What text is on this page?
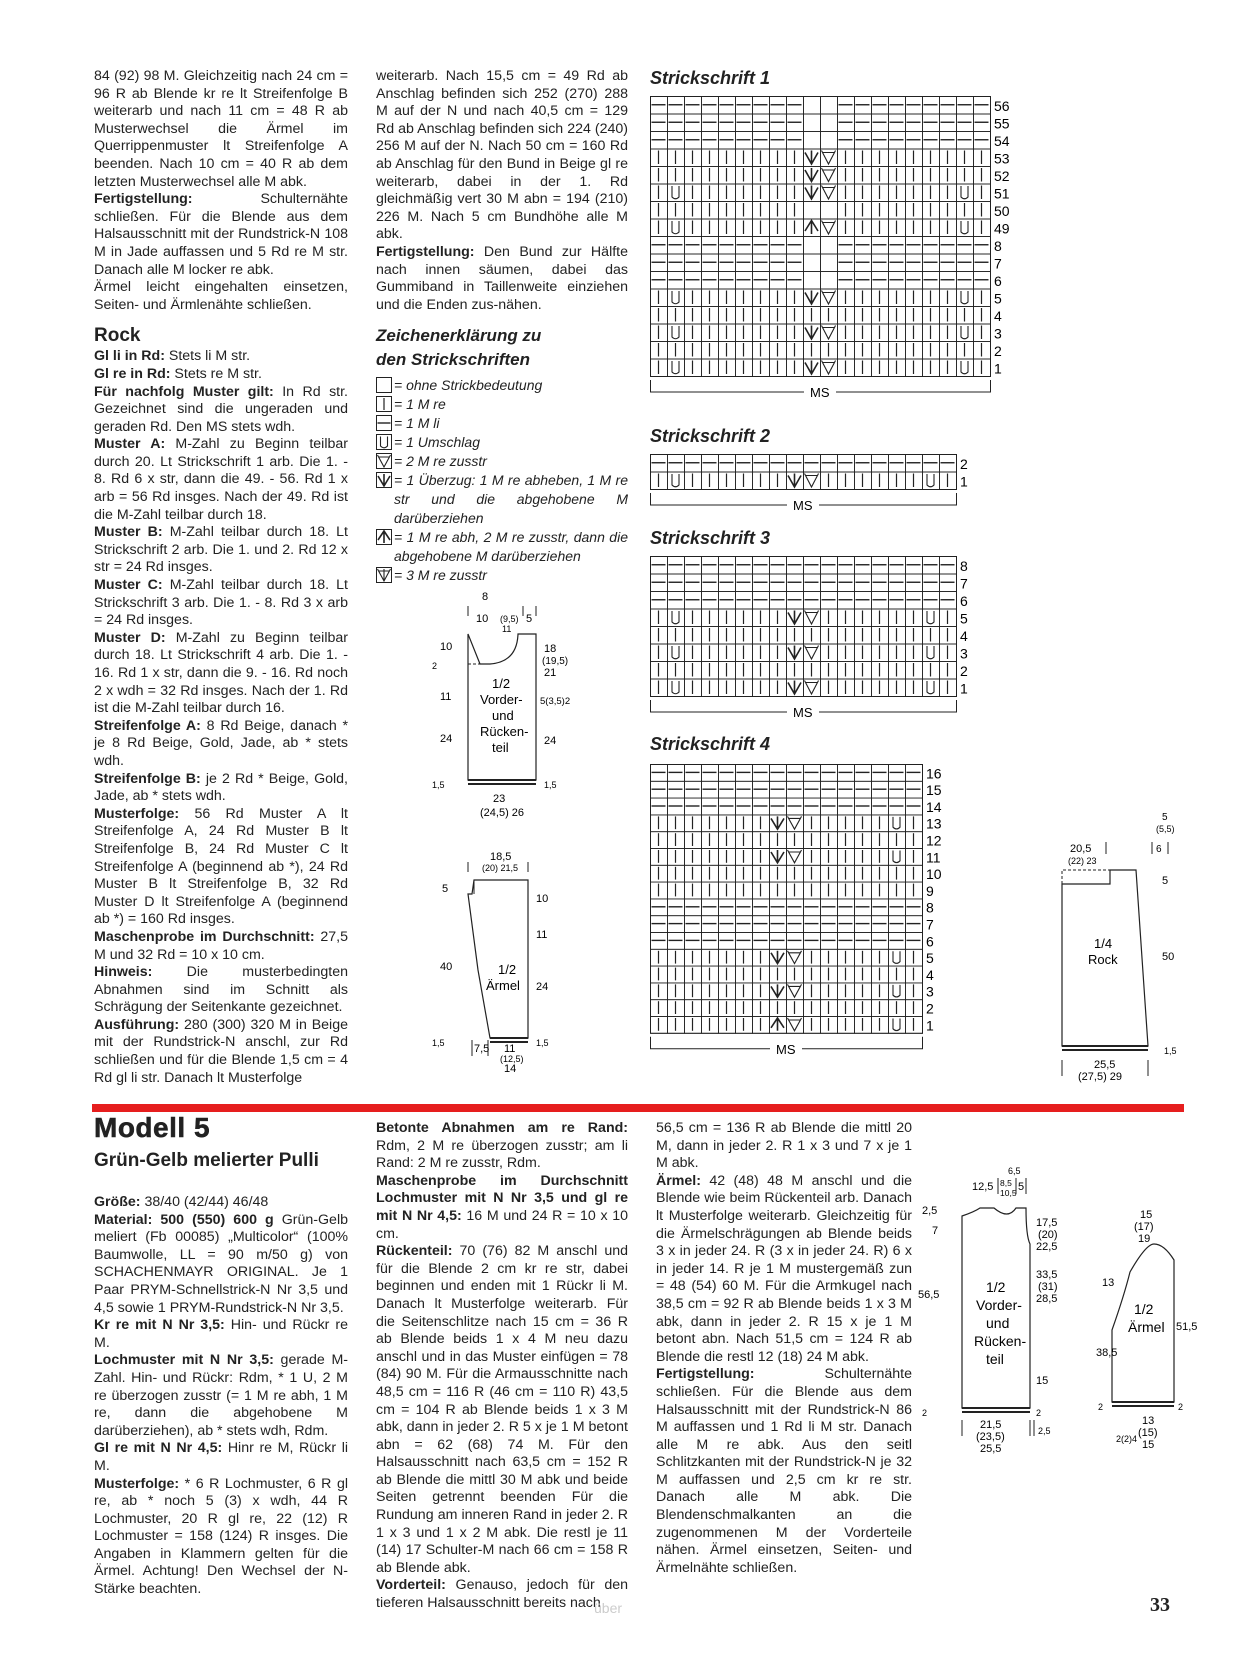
84 (92) 98 M. Gleichzeitig nach 24 cm = 96 R ab Blende kr re lt Streifenfolge B weiterarb und nach 11 cm = 48 R ab Musterwechsel die Ärmel im Querrippenmuster lt Streifenfolge A beenden. Nach 10 cm = 40 R ab dem letzten Musterwechsel alle M abk.

Fertigstellung: Schulternähte schließen. Für die Blende aus dem Halsausschnitt mit der Rundstrick-N 108 M in Jade auffassen und 5 Rd re M str. Danach alle M locker re abk.

Ärmel leicht eingehalten einsetzen, Seiten- und Ärmlenähte schließen.

Rock

Gl li in Rd: Stets li M str.

Gl re in Rd: Stets re M str.

Für nachfolg Muster gilt: In Rd str. Gezeichnet sind die ungeraden und geraden Rd. Den MS stets wdh.

Muster A: M-Zahl zu Beginn teilbar durch 20. Lt Strickschrift 1 arb. Die 1. - 8. Rd 6 x str, dann die 49. - 56. Rd 1 x arb = 56 Rd insges. Nach der 49. Rd ist die M-Zahl teilbar durch 18.

Muster B: M-Zahl teilbar durch 18. Lt Strickschrift 2 arb. Die 1. und 2. Rd 12 x str = 24 Rd insges.

Muster C: M-Zahl teilbar durch 18. Lt Strickschrift 3 arb. Die 1. - 8. Rd 3 x arb = 24 Rd insges.

Muster D: M-Zahl zu Beginn teilbar durch 18. Lt Strickschrift 4 arb. Die 1. - 16. Rd 1 x str, dann die 9. - 16. Rd noch 2 x wdh = 32 Rd insges. Nach der 1. Rd ist die M-Zahl teilbar durch 16.

Streifenfolge A: 8 Rd Beige, danach * je 8 Rd Beige, Gold, Jade, ab * stets wdh.

Streifenfolge B: je 2 Rd * Beige, Gold, Jade, ab * stets wdh.

Musterfolge: 56 Rd Muster A lt Streifenfolge A, 24 Rd Muster B lt Streifenfolge B, 24 Rd Muster C lt Streifenfolge A (beginnend ab *), 24 Rd Muster B lt Streifenfolge B, 32 Rd Muster D lt Streifenfolge A (beginnend ab *) = 160 Rd insges.

Maschenprobe im Durchschnitt: 27,5 M und 32 Rd = 10 x 10 cm.

Hinweis: Die musterbedingten Abnahmen sind im Schnitt als Schrägung der Seitenkante gezeichnet.

Ausführung: 280 (300) 320 M in Beige mit der Rundstrick-N anschl, zur Rd schließen und für die Blende 1,5 cm = 4 Rd gl li str. Danach lt Musterfolge

weiterarb. Nach 15,5 cm = 49 Rd ab Anschlag befinden sich 252 (270) 288 M auf der N und nach 40,5 cm = 129 Rd ab Anschlag befinden sich 224 (240) 256 M auf der N. Nach 50 cm = 160 Rd ab Anschlag für den Bund in Beige gl re weiterarb, dabei in der 1. Rd gleichmäßig vert 30 M abn = 194 (210) 226 M. Nach 5 cm Bundhöhe alle M abk.

Fertigstellung: Den Bund zur Hälfte nach innen säumen, dabei das Gummiband in Taillenweite einziehen und die Enden zus-nähen.

Zeichenerklärung zu den Strickschriften
= ohne Strickbedeutung
= 1 M re
= 1 M li
= 1 Umschlag
= 2 M re zusstr
= 1 Überzug: 1 M re abheben, 1 M re str und die abgehobene M darüberziehen
= 1 M re abh, 2 M re zusstr, dann die abgehobene M darüberziehen
= 3 M re zusstr
8
10 (9,5) 5
11
10
2
11
24
1,5
18
(19,5)
21
5(3,5)2
24
1,5
23
(24,5) 26
1/2
Vorder-
und
Rücken-
teil
18,5
(20) 21,5
5
40
1,5
10
11
24
1,5
7,5 11
(12,5)
14
1/2
Ärmel
Strickschrift 1
56
55
54
53
52
51
50
49
8
7
6
5
4
3
2
1
MS
Strickschrift 2
2
1
MS
Strickschrift 3
8
7
6
5
4
3
2
1
MS
Strickschrift 4
16
15
14
13
12
11
10
9
8
7
6
5
4
3
2
1
MS
5
(5,5)
20,5
(22) 23
6
5
50
1,5
25,5
(27,5) 29
1/4
Rock
Modell 5
Grün-Gelb melierter Pulli

Größe: 38/40 (42/44) 46/48

Material: 500 (550) 600 g Grün-Gelb meliert (Fb 00085) „Multicolor“ (100% Baumwolle, LL = 90 m/50 g) von SCHACHENMAYR ORIGINAL. Je 1 Paar PRYM-Schnellstrick-N Nr 3,5 und 4,5 sowie 1 PRYM-Rundstrick-N Nr 3,5.

Kr re mit N Nr 3,5: Hin- und Rückr re M.

Lochmuster mit N Nr 3,5: gerade M-Zahl. Hin- und Rückr: Rdm, * 1 U, 2 M re überzogen zusstr (= 1 M re abh, 1 M re, dann die abgehobene M darüberziehen), ab * stets wdh, Rdm.

Gl re mit N Nr 4,5: Hinr re M, Rückr li M.

Musterfolge: * 6 R Lochmuster, 6 R gl re, ab * noch 5 (3) x wdh, 44 R Lochmuster, 20 R gl re, 22 (12) R Lochmuster = 158 (124) R insges. Die Angaben in Klammern gelten für die Ärmel. Achtung! Den Wechsel der N-Stärke beachten.

Betonte Abnahmen am re Rand: Rdm, 2 M re überzogen zusstr; am li Rand: 2 M re zusstr, Rdm.

Maschenprobe im Durchschnitt Lochmuster mit N Nr 3,5 und gl re mit N Nr 4,5: 16 M und 24 R = 10 x 10 cm.

Rückenteil: 70 (76) 82 M anschl und für die Blende 2 cm kr re str, dabei beginnen und enden mit 1 Rückr li M. Danach lt Musterfolge weiterarb. Für die Seitenschlitze nach 15 cm = 36 R ab Blende beids 1 x 4 M neu dazu anschl und in das Muster einfügen = 78 (84) 90 M. Für die Armausschnitte nach 48,5 cm = 116 R (46 cm = 110 R) 43,5 cm = 104 R ab Blende beids 1 x 3 M abk, dann in jeder 2. R 5 x je 1 M betont abn = 62 (68) 74 M. Für den Halsausschnitt nach 63,5 cm = 152 R ab Blende die mittl 30 M abk und beide Seiten getrennt beenden Für die Rundung am inneren Rand in jeder 2. R 1 x 3 und 1 x 2 M abk. Die restl je 11 (14) 17 Schulter-M nach 66 cm = 158 R ab Blende abk.

Vorderteil: Genauso, jedoch für den tieferen Halsausschnitt bereits nach

56,5 cm = 136 R ab Blende die mittl 20 M, dann in jeder 2. R 1 x 3 und 7 x je 1 M abk.

Ärmel: 42 (48) 48 M anschl und die Blende wie beim Rückenteil arb. Danach lt Musterfolge weiterarb. Gleichzeitig für die Ärmelschrägungen ab Blende beids 3 x in jeder 24. R (3 x in jeder 24. R) 6 x in jeder 14. R je 1 M mustergemäß zun = 48 (54) 60 M. Für die Armkugel nach 38,5 cm = 92 R ab Blende beids 1 x 3 M abk, dann in jeder 2. R 15 x je 1 M betont abn. Nach 51,5 cm = 124 R ab Blende die restl 12 (18) 24 M abk.

Fertigstellung: Schulternähte schließen. Für die Blende aus dem Halsausschnitt mit der Rundstrick-N 86 M auffassen und 1 Rd li M str. Danach alle M re abk. Aus den seitl Schlitzkanten mit der Rundstrick-N je 32 M auffassen und 2,5 cm kr re str. Danach alle M abk. Die Blendenschmalkanten an die zugenommenen M der Vorderteile nähen. Ärmel einsetzen, Seiten- und Ärmelnähte schließen.

6,5
12,5 8,5
10,5 5
2,5
7
56,5
2
17,5
(20)
22,5
33,5
(31)
28,5
15
2
21,5
(23,5)
25,5
2,5
1/2
Vorder-
und
Rücken-
teil
15
(17)
19
13
38,5
2
51,5
2
13
(15)
15
2(2)4
1/2
Ärmel
über	33
